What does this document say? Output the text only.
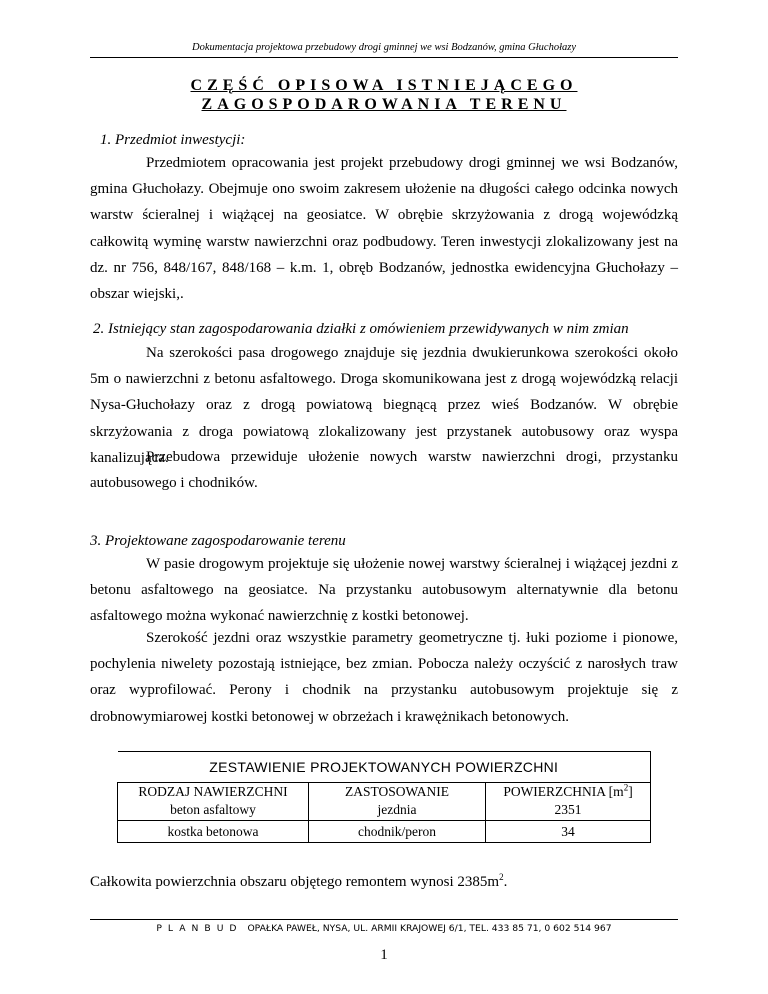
Dokumentacja projektowa przebudowy drogi gminnej we wsi Bodzanów, gmina Głuchołazy
CZĘŚĆ OPISOWA ISTNIEJĄCEGO
ZAGOSPODAROWANIA TERENU
1. Przedmiot inwestycji:

Przedmiotem opracowania jest projekt przebudowy drogi gminnej we wsi Bodzanów, gmina Głuchołazy. Obejmuje ono swoim zakresem ułożenie na długości całego odcinka nowych warstw ścieralnej i wiążącej na geosiatce. W obrębie skrzyżowania z drogą wojewódzką całkowitą wyminę warstw nawierzchni oraz podbudowy. Teren inwestycji zlokalizowany jest na dz. nr 756, 848/167, 848/168 – k.m. 1, obręb Bodzanów, jednostka ewidencyjna Głuchołazy – obszar wiejski,.

2. Istniejący stan zagospodarowania działki z omówieniem przewidywanych w nim zmian

Na szerokości pasa drogowego znajduje się jezdnia dwukierunkowa szerokości około 5m o nawierzchni z betonu asfaltowego. Droga skomunikowana jest z drogą wojewódzką relacji Nysa-Głuchołazy oraz z drogą powiatową biegnącą przez wieś Bodzanów. W obrębie skrzyżowania z droga powiatową zlokalizowany jest przystanek autobusowy oraz wyspa kanalizująca.

Przebudowa przewiduje ułożenie nowych warstw nawierzchni drogi, przystanku autobusowego i chodników.

3. Projektowane zagospodarowanie terenu

W pasie drogowym projektuje się ułożenie nowej warstwy ścieralnej i wiążącej jezdni z betonu asfaltowego na geosiatce. Na przystanku autobusowym alternatywnie dla betonu asfaltowego można wykonać nawierzchnię z kostki betonowej.

Szerokość jezdni oraz wszystkie parametry geometryczne tj. łuki poziome i pionowe, pochylenia niwelety pozostają istniejące, bez zmian. Pobocza należy oczyścić z narosłych traw oraz wyprofilować. Perony i chodnik na przystanku autobusowym projektuje się z drobnowymiarowej kostki betonowej w obrzeżach i krawężnikach betonowych.

ZESTAWIENIE PROJEKTOWANYCH POWIERZCHNI		
RODZAJ NAWIERZCHNI	ZASTOSOWANIE	POWIERZCHNIA $[m^2]$
beton asfaltowy	jezdnia	2351
kostka betonowa	chodnik/peron	34
Całkowita powierzchnia obszaru objętego remontem wynosi $2385m^2$.
PLANBUD OPAŁKA PAWEŁ, NYSA, UL. ARMII KRAJOWEJ 6/1, TEL. 433 85 71, 0 602 514 967
1
